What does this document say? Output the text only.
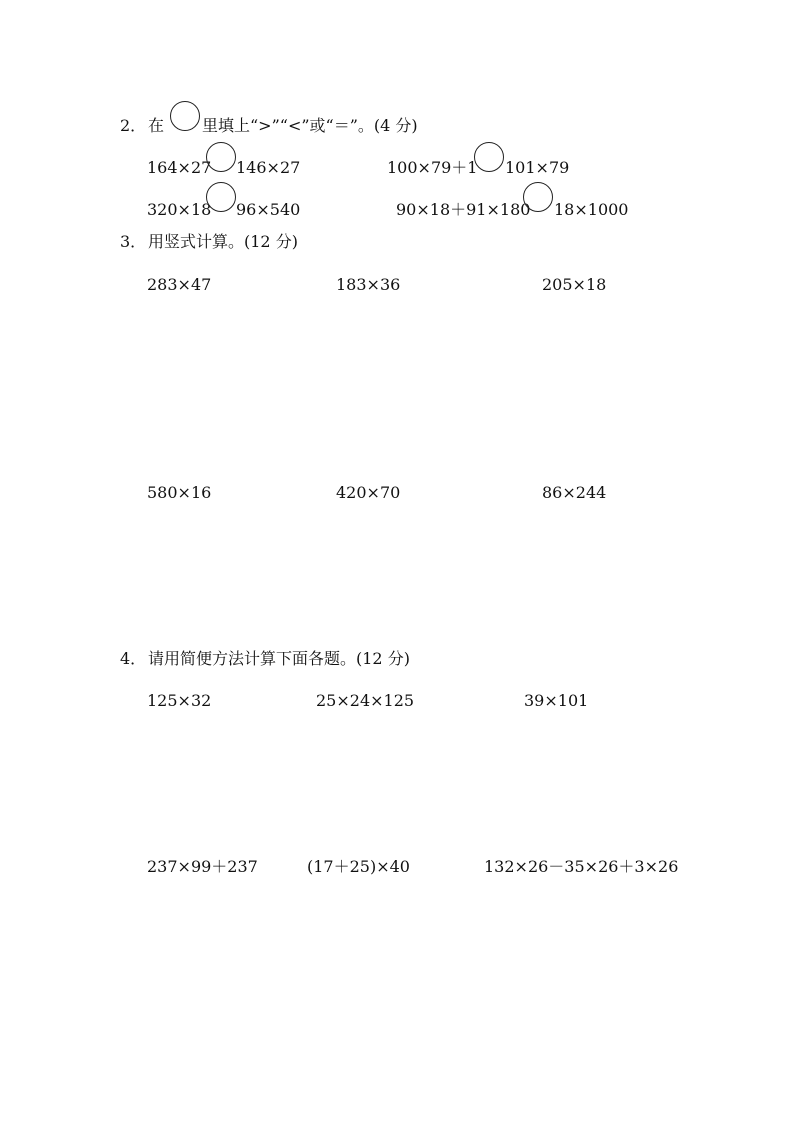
2． 在 里填上“>”“<”或“＝”。(4 分)
164×27 146×27	100×79＋1 101×79
320×18 96×540	90×18＋91×180 18×1000
3． 用竖式计算。(12 分)
283×47	183×36	205×18
580×16	420×70	86×244
4． 请用简便方法计算下面各题。(12 分)
125×32	25×24×125	39×101
237×99＋237	(17＋25)×40	132×26－35×26＋3×26
